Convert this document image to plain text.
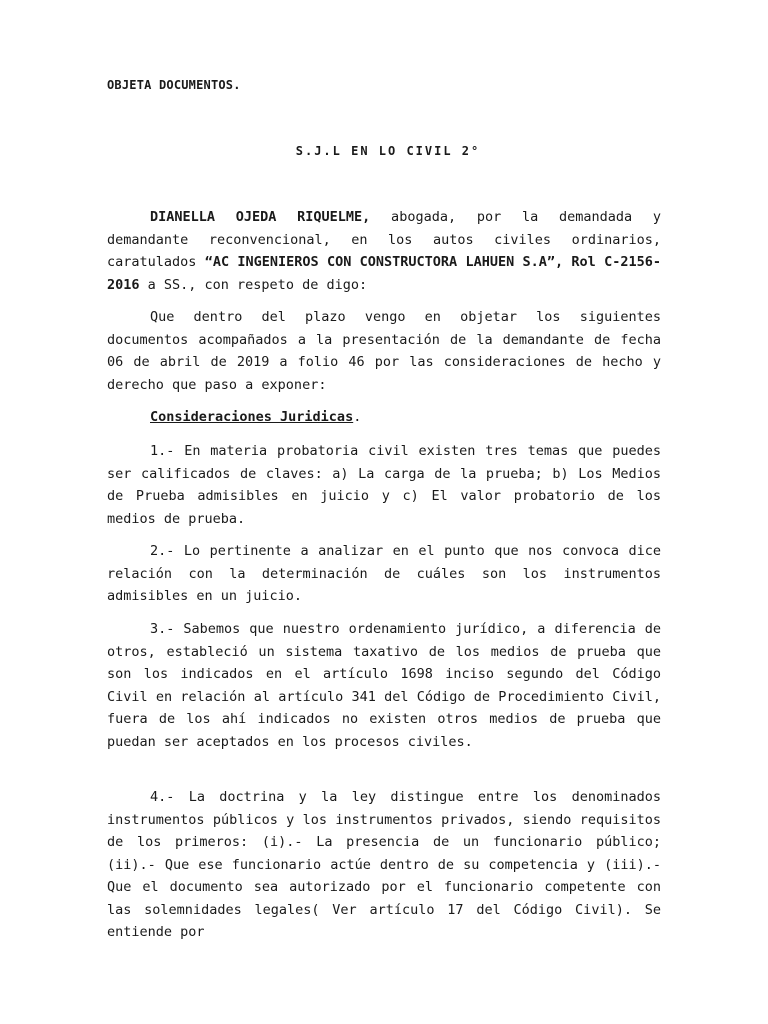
OBJETA DOCUMENTOS.
S.J.L EN LO CIVIL 2°

DIANELLA OJEDA RIQUELME, abogada, por la demandada y demandante reconvencional, en los autos civiles ordinarios, caratulados “AC INGENIEROS CON CONSTRUCTORA LAHUEN S.A”, Rol C-2156-2016 a SS., con respeto de digo:

Que dentro del plazo vengo en objetar los siguientes documentos acompañados a la presentación de la demandante de fecha 06 de abril de 2019 a folio 46 por las consideraciones de hecho y derecho que paso a exponer:

Consideraciones Juridicas.

1.- En materia probatoria civil existen tres temas que puedes ser calificados de claves: a) La carga de la prueba; b) Los Medios de Prueba admisibles en juicio y c) El valor probatorio de los medios de prueba.

2.- Lo pertinente a analizar en el punto que nos convoca dice relación con la determinación de cuáles son los instrumentos admisibles en un juicio.

3.- Sabemos que nuestro ordenamiento jurídico, a diferencia de otros, estableció un sistema taxativo de los medios de prueba que son los indicados en el artículo 1698 inciso segundo del Código Civil en relación al artículo 341 del Código de Procedimiento Civil, fuera de los ahí indicados no existen otros medios de prueba que puedan ser aceptados en los procesos civiles.

4.- La doctrina y la ley distingue entre los denominados instrumentos públicos y los instrumentos privados, siendo requisitos de los primeros: (i).- La presencia de un funcionario público; (ii).- Que ese funcionario actúe dentro de su competencia y (iii).- Que el documento sea autorizado por el funcionario competente con las solemnidades legales( Ver artículo 17 del Código Civil). Se entiende por
